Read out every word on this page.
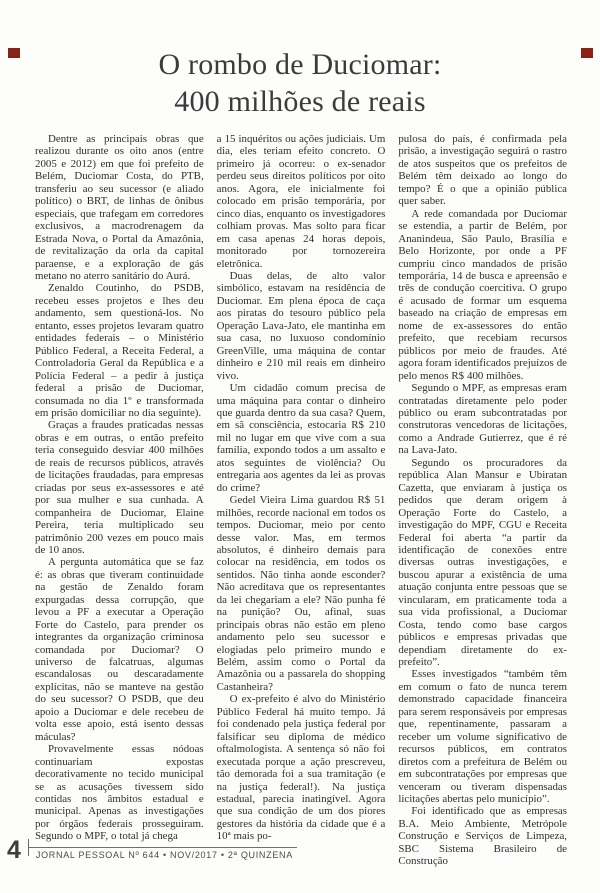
O rombo de Duciomar:
400 milhões de reais

Dentre as principais obras que realizou durante os oito anos (entre 2005 e 2012) em que foi prefeito de Belém, Duciomar Costa, do PTB, transferiu ao seu sucessor (e aliado político) o BRT, de linhas de ônibus especiais, que trafegam em corredores exclusivos, a macrodrenagem da Estrada Nova, o Portal da Amazônia, de revitalização da orla da capital paraense, e a exploração de gás metano no aterro sanitário do Aurá.

Zenaldo Coutinho, do PSDB, recebeu esses projetos e lhes deu andamento, sem questioná-los. No entanto, esses projetos levaram quatro entidades federais – o Ministério Público Federal, a Receita Federal, a Controladoria Geral da República e a Polícia Federal – a pedir à justiça federal a prisão de Duciomar, consumada no dia 1º e transformada em prisão domiciliar no dia seguinte).

Graças a fraudes praticadas nessas obras e em outras, o então prefeito teria conseguido desviar 400 milhões de reais de recursos públicos, através de licitações fraudadas, para empresas criadas por seus ex-assessores e até por sua mulher e sua cunhada. A companheira de Duciomar, Elaine Pereira, teria multiplicado seu patrimônio 200 vezes em pouco mais de 10 anos.

A pergunta automática que se faz é: as obras que tiveram continuidade na gestão de Zenaldo foram expurgadas dessa corrupção, que levou a PF a executar a Operação Forte do Castelo, para prender os integrantes da organização criminosa comandada por Duciomar? O universo de falcatruas, algumas escandalosas ou descaradamente explícitas, não se manteve na gestão do seu sucessor? O PSDB, que deu apoio a Duciomar e dele recebeu de volta esse apoio, está isento dessas máculas?

Provavelmente essas nódoas continuariam expostas decorativamente no tecido municipal se as acusações tivessem sido contidas nos âmbitos estadual e municipal. Apenas as investigações por órgãos federais prosseguiram. Segundo o MPF, o total já chega

a 15 inquéritos ou ações judiciais. Um dia, eles teriam efeito concreto. O primeiro já ocorreu: o ex-senador perdeu seus direitos políticos por oito anos. Agora, ele inicialmente foi colocado em prisão temporária, por cinco dias, enquanto os investigadores colhiam provas. Mas solto para ficar em casa apenas 24 horas depois, monitorado por tornozereira eletrônica.

Duas delas, de alto valor simbólico, estavam na residência de Duciomar. Em plena época de caça aos piratas do tesouro público pela Operação Lava-Jato, ele mantinha em sua casa, no luxuoso condomínio GreenVille, uma máquina de contar dinheiro e 210 mil reais em dinheiro vivo.

Um cidadão comum precisa de uma máquina para contar o dinheiro que guarda dentro da sua casa? Quem, em sã consciência, estocaria R$ 210 mil no lugar em que vive com a sua família, expondo todos a um assalto e atos seguintes de violência? Ou entregaria aos agentes da lei as provas do crime?

Gedel Vieira Lima guardou R$ 51 milhões, recorde nacional em todos os tempos. Duciomar, meio por cento desse valor. Mas, em termos absolutos, é dinheiro demais para colocar na residência, em todos os sentidos. Não tinha aonde esconder? Não acreditava que os representantes da lei chegariam a ele? Não punha fé na punição? Ou, afinal, suas principais obras não estão em pleno andamento pelo seu sucessor e elogiadas pelo primeiro mundo e Belém, assim como o Portal da Amazônia ou a passarela do shopping Castanheira?

O ex-prefeito é alvo do Ministério Público Federal há muito tempo. Já foi condenado pela justiça federal por falsificar seu diploma de médico oftalmologista. A sentença só não foi executada porque a ação prescreveu, tão demorada foi a sua tramitação (e na justiça federal!). Na justiça estadual, parecia inatingível. Agora que sua condição de um dos piores gestores da história da cidade que é a 10ª mais po-

pulosa do país, é confirmada pela prisão, a investigação seguirá o rastro de atos suspeitos que os prefeitos de Belém têm deixado ao longo do tempo? É o que a opinião pública quer saber.

A rede comandada por Duciomar se estendia, a partir de Belém, por Ananindeua, São Paulo, Brasília e Belo Horizonte, por onde a PF cumpriu cinco mandados de prisão temporária, 14 de busca e apreensão e três de condução coercitiva. O grupo é acusado de formar um esquema baseado na criação de empresas em nome de ex-assessores do então prefeito, que recebiam recursos públicos por meio de fraudes. Até agora foram identificados prejuízos de pelo menos R$ 400 milhões.

Segundo o MPF, as empresas eram contratadas diretamente pelo poder público ou eram subcontratadas por construtoras vencedoras de licitações, como a Andrade Gutierrez, que é ré na Lava-Jato.

Segundo os procuradores da república Alan Mansur e Ubiratan Cazetta, que enviaram à justiça os pedidos que deram origem à Operação Forte do Castelo, a investigação do MPF, CGU e Receita Federal foi aberta “a partir da identificação de conexões entre diversas outras investigações, e buscou apurar a existência de uma atuação conjunta entre pessoas que se vincularam, em praticamente toda a sua vida profissional, a Duciomar Costa, tendo como base cargos públicos e empresas privadas que dependiam diretamente do ex-prefeito”.

Esses investigados “também têm em comum o fato de nunca terem demonstrado capacidade financeira para serem responsáveis por empresas que, repentinamente, passaram a receber um volume significativo de recursos públicos, em contratos diretos com a prefeitura de Belém ou em subcontratações por empresas que venceram ou tiveram dispensadas licitações abertas pelo município”.

Foi identificado que as empresas B.A. Meio Ambiente, Metrópole Construção e Serviços de Limpeza, SBC Sistema Brasileiro de Construção

4	JORNAL PESSOAL Nº 644 • NOV/2017 • 2ª QUINZENA
